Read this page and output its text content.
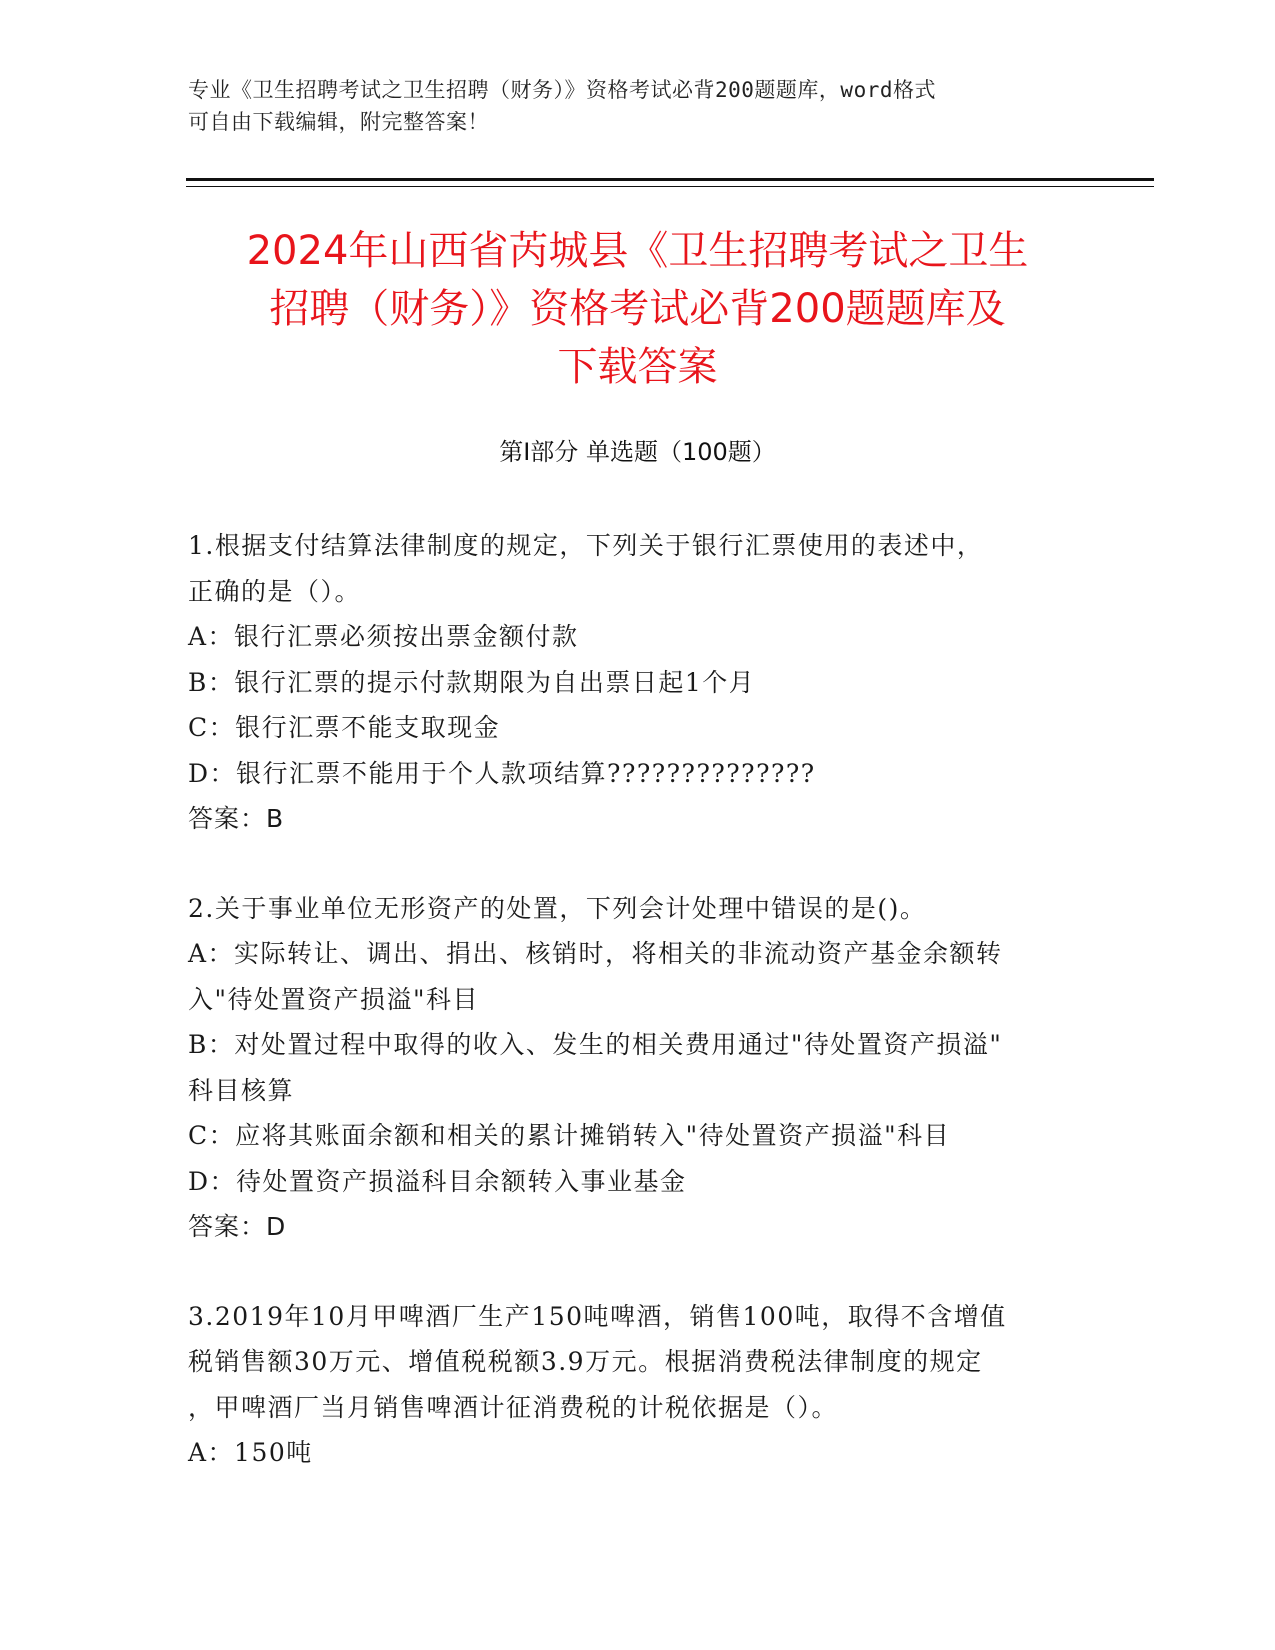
专业《卫生招聘考试之卫生招聘（财务）》资格考试必背200题题库，word格式
可自由下载编辑，附完整答案！
2024年山西省芮城县《卫生招聘考试之卫生
招聘（财务）》资格考试必背200题题库及
下载答案
第Ⅰ部分 单选题（100题）
1.根据支付结算法律制度的规定，下列关于银行汇票使用的表述中，
正确的是（）。
A：银行汇票必须按出票金额付款
B：银行汇票的提示付款期限为自出票日起1个月
C：银行汇票不能支取现金
D：银行汇票不能用于个人款项结算??????????????
答案：B
2.关于事业单位无形资产的处置，下列会计处理中错误的是()。
A：实际转让、调出、捐出、核销时，将相关的非流动资产基金余额转
入"待处置资产损溢"科目
B：对处置过程中取得的收入、发生的相关费用通过"待处置资产损溢"
科目核算
C：应将其账面余额和相关的累计摊销转入"待处置资产损溢"科目
D：待处置资产损溢科目余额转入事业基金
答案：D
3.2019年10月甲啤酒厂生产150吨啤酒，销售100吨，取得不含增值
税销售额30万元、增值税税额3.9万元。根据消费税法律制度的规定
，甲啤酒厂当月销售啤酒计征消费税的计税依据是（）。
A：150吨
